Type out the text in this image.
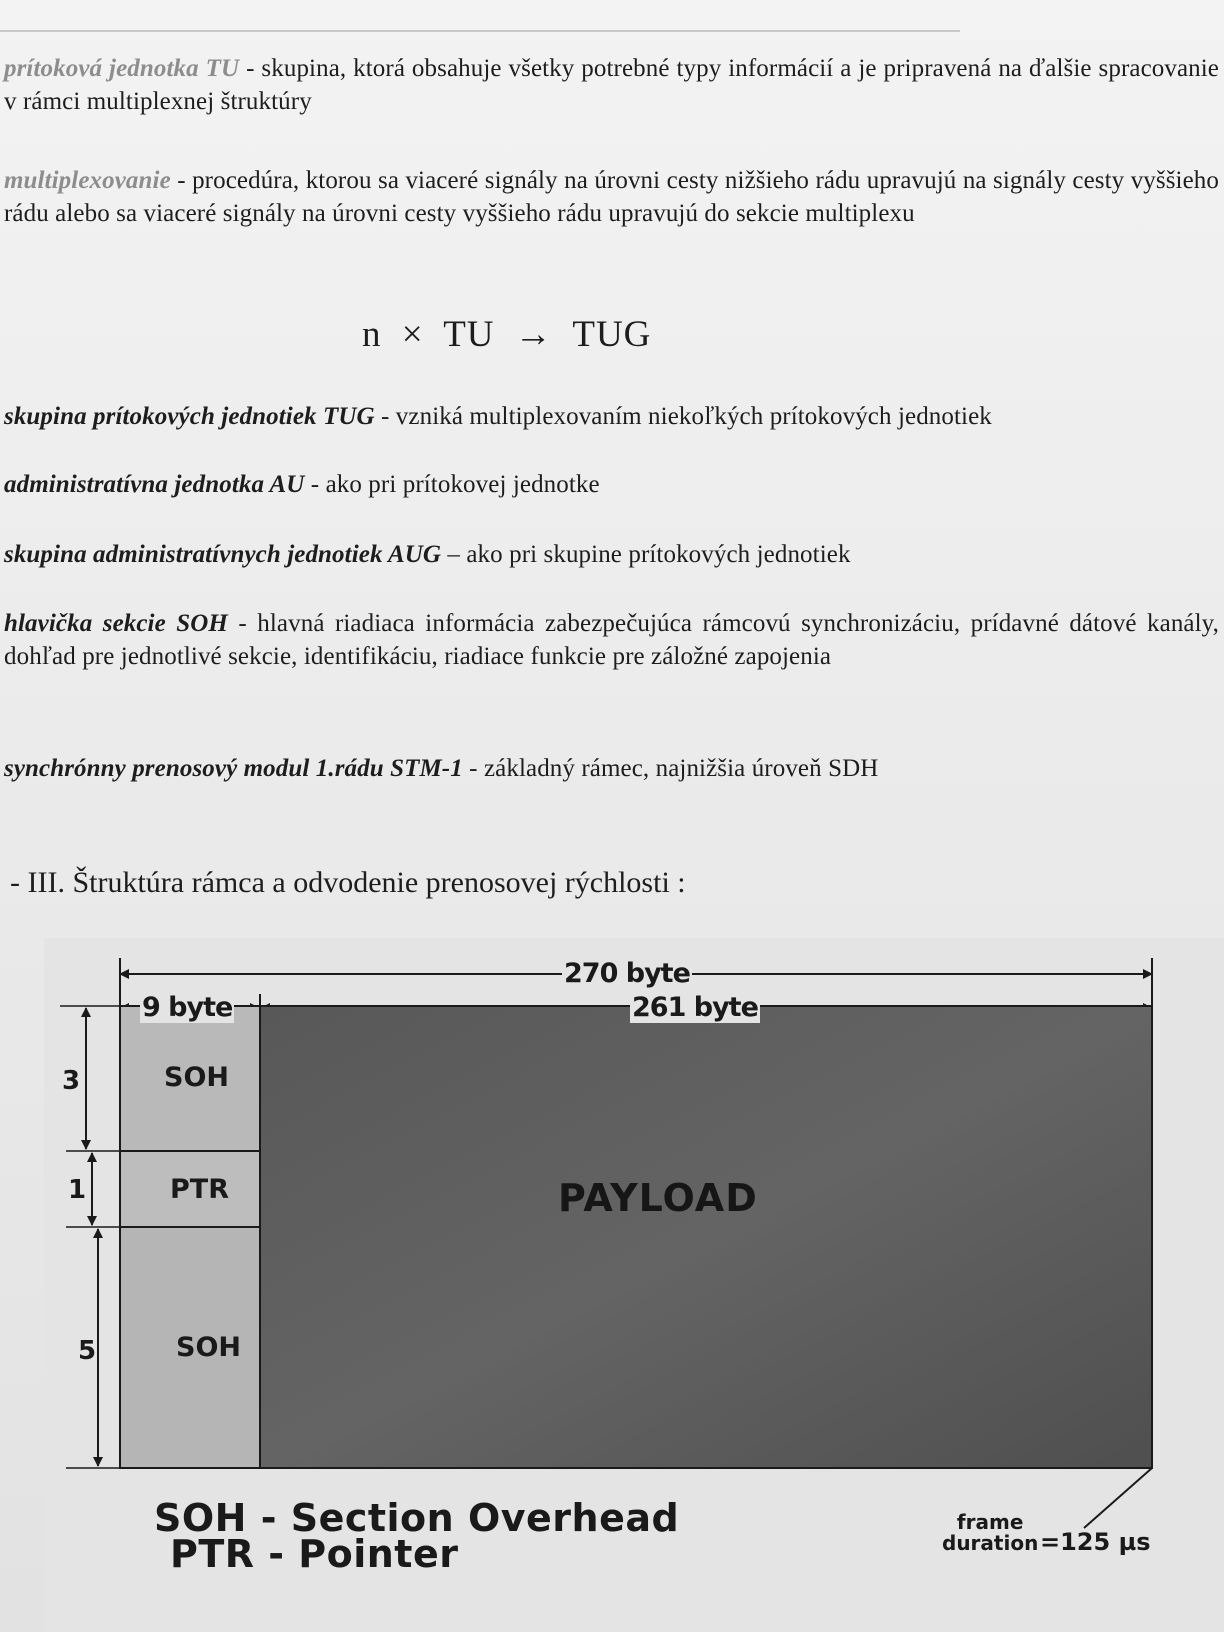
prítoková jednotka TU - skupina, ktorá obsahuje všetky potrebné typy informácií a je pripravená na ďalšie spracovanie v rámci multiplexnej štruktúry

multiplexovanie - procedúra, ktorou sa viaceré signály na úrovni cesty nižšieho rádu upravujú na signály cesty vyššieho rádu alebo sa viaceré signály na úrovni cesty vyššieho rádu upravujú do sekcie multiplexu

n × TU → TUG

skupina prítokových jednotiek TUG - vzniká multiplexovaním niekoľkých prítokových jednotiek

administratívna jednotka AU - ako pri prítokovej jednotke

skupina administratívnych jednotiek AUG – ako pri skupine prítokových jednotiek

hlavička sekcie SOH - hlavná riadiaca informácia zabezpečujúca rámcovú synchronizáciu, prídavné dátové kanály, dohľad pre jednotlivé sekcie, identifikáciu, riadiace funkcie pre záložné zapojenia

synchrónny prenosový modul 1.rádu STM-1 - základný rámec, najnižšia úroveň SDH

- III. Štruktúra rámca a odvodenie prenosovej rýchlosti :
270 byte
9 byte	261 byte
3
1
5
SOH
PTR
SOH
PAYLOAD
SOH - Section Overhead
PTR - Pointer
frame
duration =125 µs
